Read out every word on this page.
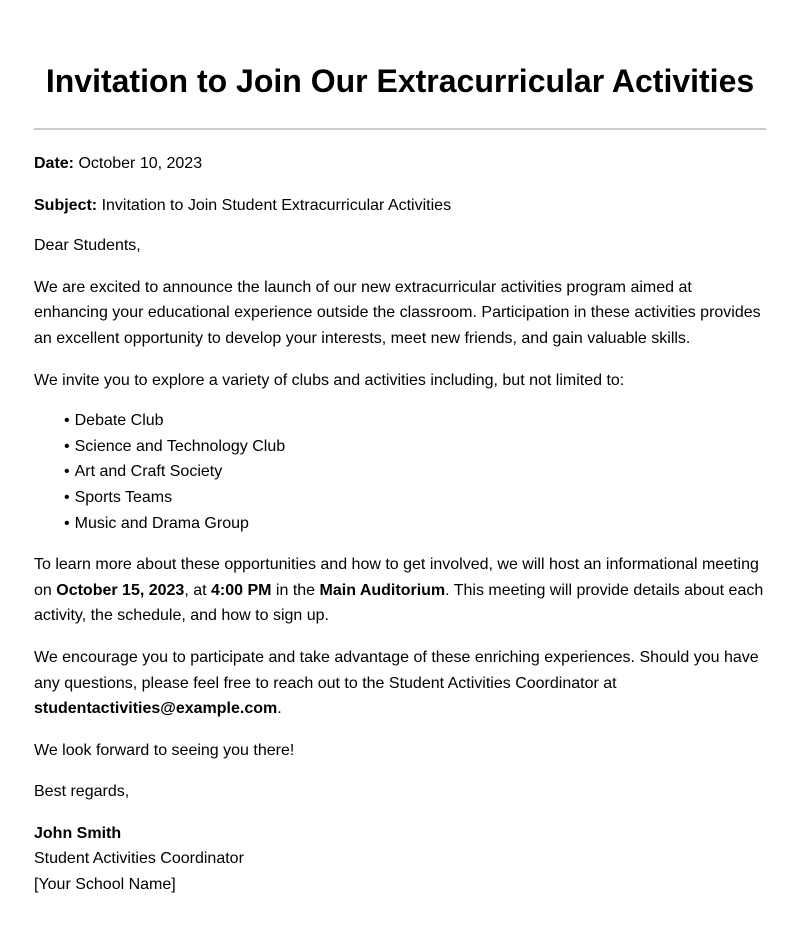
Invitation to Join Our Extracurricular Activities

Date: October 10, 2023

Subject: Invitation to Join Student Extracurricular Activities

Dear Students,

We are excited to announce the launch of our new extracurricular activities program aimed at enhancing your educational experience outside the classroom. Participation in these activities provides an excellent opportunity to develop your interests, meet new friends, and gain valuable skills.

We invite you to explore a variety of clubs and activities including, but not limited to:

• Debate Club
• Science and Technology Club
• Art and Craft Society
• Sports Teams
• Music and Drama Group

To learn more about these opportunities and how to get involved, we will host an informational meeting on October 15, 2023, at 4:00 PM in the Main Auditorium. This meeting will provide details about each activity, the schedule, and how to sign up.

We encourage you to participate and take advantage of these enriching experiences. Should you have any questions, please feel free to reach out to the Student Activities Coordinator at studentactivities@example.com.

We look forward to seeing you there!

Best regards,

John Smith
Student Activities Coordinator
[Your School Name]
